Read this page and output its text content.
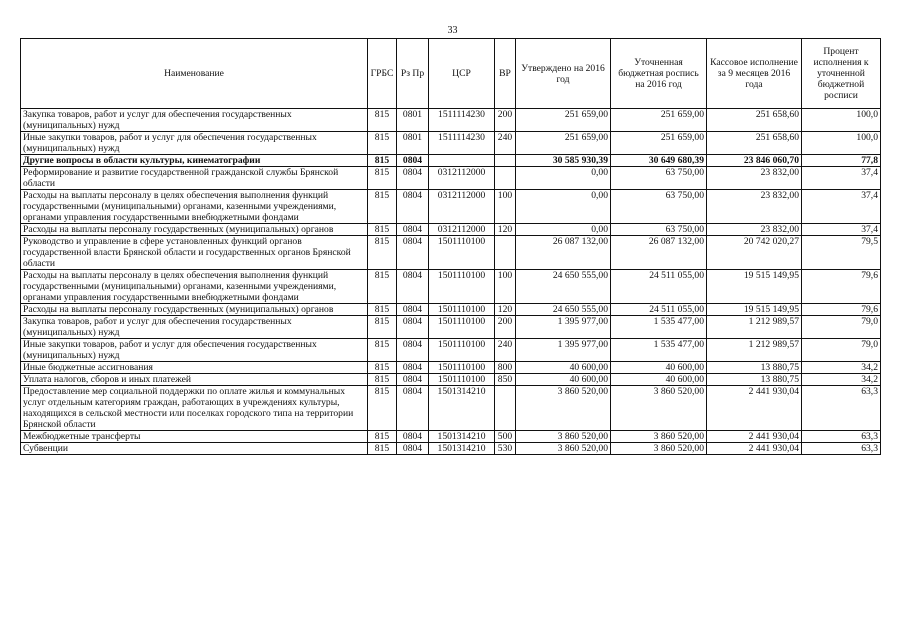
33
Наименование	ГРБС	Рз Пр	ЦСР	ВР	Утверждено на 2016 год	Уточненная бюджетная роспись на 2016 год	Кассовое исполнение за 9 месяцев 2016 года	Процент исполнения к уточненной бюджетной росписи
Закупка товаров, работ и услуг для обеспечения государственных (муниципальных) нужд	815	0801	1511114230	200	251 659,00	251 659,00	251 658,60	100,0
Иные закупки товаров, работ и услуг для обеспечения государственных (муниципальных) нужд	815	0801	1511114230	240	251 659,00	251 659,00	251 658,60	100,0
Другие вопросы в области культуры, кинематографии	815	0804			30 585 930,39	30 649 680,39	23 846 060,70	77,8
Реформирование и развитие государственной гражданской службы Брянской области	815	0804	0312112000		0,00	63 750,00	23 832,00	37,4
Расходы на выплаты персоналу в целях обеспечения выполнения функций государственными (муниципальными) органами, казенными учреждениями, органами управления государственными внебюджетными фондами	815	0804	0312112000	100	0,00	63 750,00	23 832,00	37,4
Расходы на выплаты персоналу государственных (муниципальных) органов	815	0804	0312112000	120	0,00	63 750,00	23 832,00	37,4
Руководство и управление в сфере установленных функций органов государственной власти Брянской области и государственных органов Брянской области	815	0804	1501110100		26 087 132,00	26 087 132,00	20 742 020,27	79,5
Расходы на выплаты персоналу в целях обеспечения выполнения функций государственными (муниципальными) органами, казенными учреждениями, органами управления государственными внебюджетными фондами	815	0804	1501110100	100	24 650 555,00	24 511 055,00	19 515 149,95	79,6
Расходы на выплаты персоналу государственных (муниципальных) органов	815	0804	1501110100	120	24 650 555,00	24 511 055,00	19 515 149,95	79,6
Закупка товаров, работ и услуг для обеспечения государственных (муниципальных) нужд	815	0804	1501110100	200	1 395 977,00	1 535 477,00	1 212 989,57	79,0
Иные закупки товаров, работ и услуг для обеспечения государственных (муниципальных) нужд	815	0804	1501110100	240	1 395 977,00	1 535 477,00	1 212 989,57	79,0
Иные бюджетные ассигнования	815	0804	1501110100	800	40 600,00	40 600,00	13 880,75	34,2
Уплата налогов, сборов и иных платежей	815	0804	1501110100	850	40 600,00	40 600,00	13 880,75	34,2
Предоставление мер социальной поддержки по оплате жилья и коммунальных услуг отдельным категориям граждан, работающих в учреждениях культуры, находящихся в сельской местности или поселках городского типа на территории Брянской области	815	0804	1501314210		3 860 520,00	3 860 520,00	2 441 930,04	63,3
Межбюджетные трансферты	815	0804	1501314210	500	3 860 520,00	3 860 520,00	2 441 930,04	63,3
Субвенции	815	0804	1501314210	530	3 860 520,00	3 860 520,00	2 441 930,04	63,3
